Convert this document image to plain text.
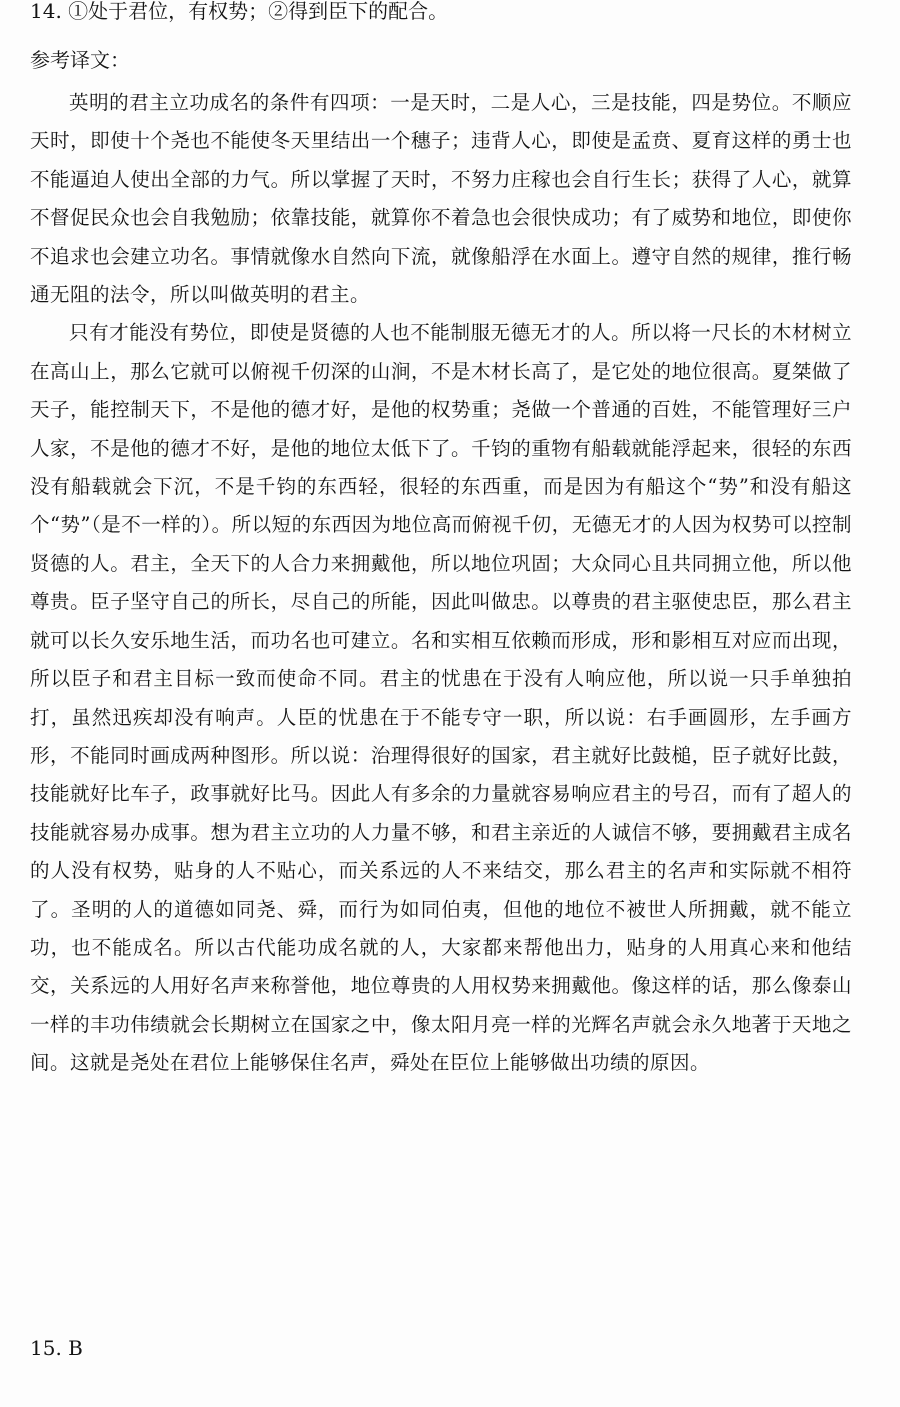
14. ①处于君位，有权势；②得到臣下的配合。
参考译文：

英明的君主立功成名的条件有四项：一是天时，二是人心，三是技能，四是势位。不顺应天时，即使十个尧也不能使冬天里结出一个穗子；违背人心，即使是孟贲、夏育这样的勇士也不能逼迫人使出全部的力气。所以掌握了天时，不努力庄稼也会自行生长；获得了人心，就算不督促民众也会自我勉励；依靠技能，就算你不着急也会很快成功；有了威势和地位，即使你不追求也会建立功名。事情就像水自然向下流，就像船浮在水面上。遵守自然的规律，推行畅通无阻的法令，所以叫做英明的君主。

只有才能没有势位，即使是贤德的人也不能制服无德无才的人。所以将一尺长的木材树立在高山上，那么它就可以俯视千仞深的山涧，不是木材长高了，是它处的地位很高。夏桀做了天子，能控制天下，不是他的德才好，是他的权势重；尧做一个普通的百姓，不能管理好三户人家，不是他的德才不好，是他的地位太低下了。千钧的重物有船载就能浮起来，很轻的东西没有船载就会下沉，不是千钧的东西轻，很轻的东西重，而是因为有船这个“势”和没有船这个“势”（是不一样的）。所以短的东西因为地位高而俯视千仞，无德无才的人因为权势可以控制贤德的人。君主，全天下的人合力来拥戴他，所以地位巩固；大众同心且共同拥立他，所以他尊贵。臣子坚守自己的所长，尽自己的所能，因此叫做忠。以尊贵的君主驱使忠臣，那么君主就可以长久安乐地生活，而功名也可建立。名和实相互依赖而形成，形和影相互对应而出现，所以臣子和君主目标一致而使命不同。君主的忧患在于没有人响应他，所以说一只手单独拍打，虽然迅疾却没有响声。人臣的忧患在于不能专守一职，所以说：右手画圆形，左手画方形，不能同时画成两种图形。所以说：治理得很好的国家，君主就好比鼓槌，臣子就好比鼓，技能就好比车子，政事就好比马。因此人有多余的力量就容易响应君主的号召，而有了超人的技能就容易办成事。想为君主立功的人力量不够，和君主亲近的人诚信不够，要拥戴君主成名的人没有权势，贴身的人不贴心，而关系远的人不来结交，那么君主的名声和实际就不相符了。圣明的人的道德如同尧、舜，而行为如同伯夷，但他的地位不被世人所拥戴，就不能立功，也不能成名。所以古代能功成名就的人，大家都来帮他出力，贴身的人用真心来和他结交，关系远的人用好名声来称誉他，地位尊贵的人用权势来拥戴他。像这样的话，那么像泰山一样的丰功伟绩就会长期树立在国家之中，像太阳月亮一样的光辉名声就会永久地著于天地之间。这就是尧处在君位上能够保住名声，舜处在臣位上能够做出功绩的原因。

15. B
